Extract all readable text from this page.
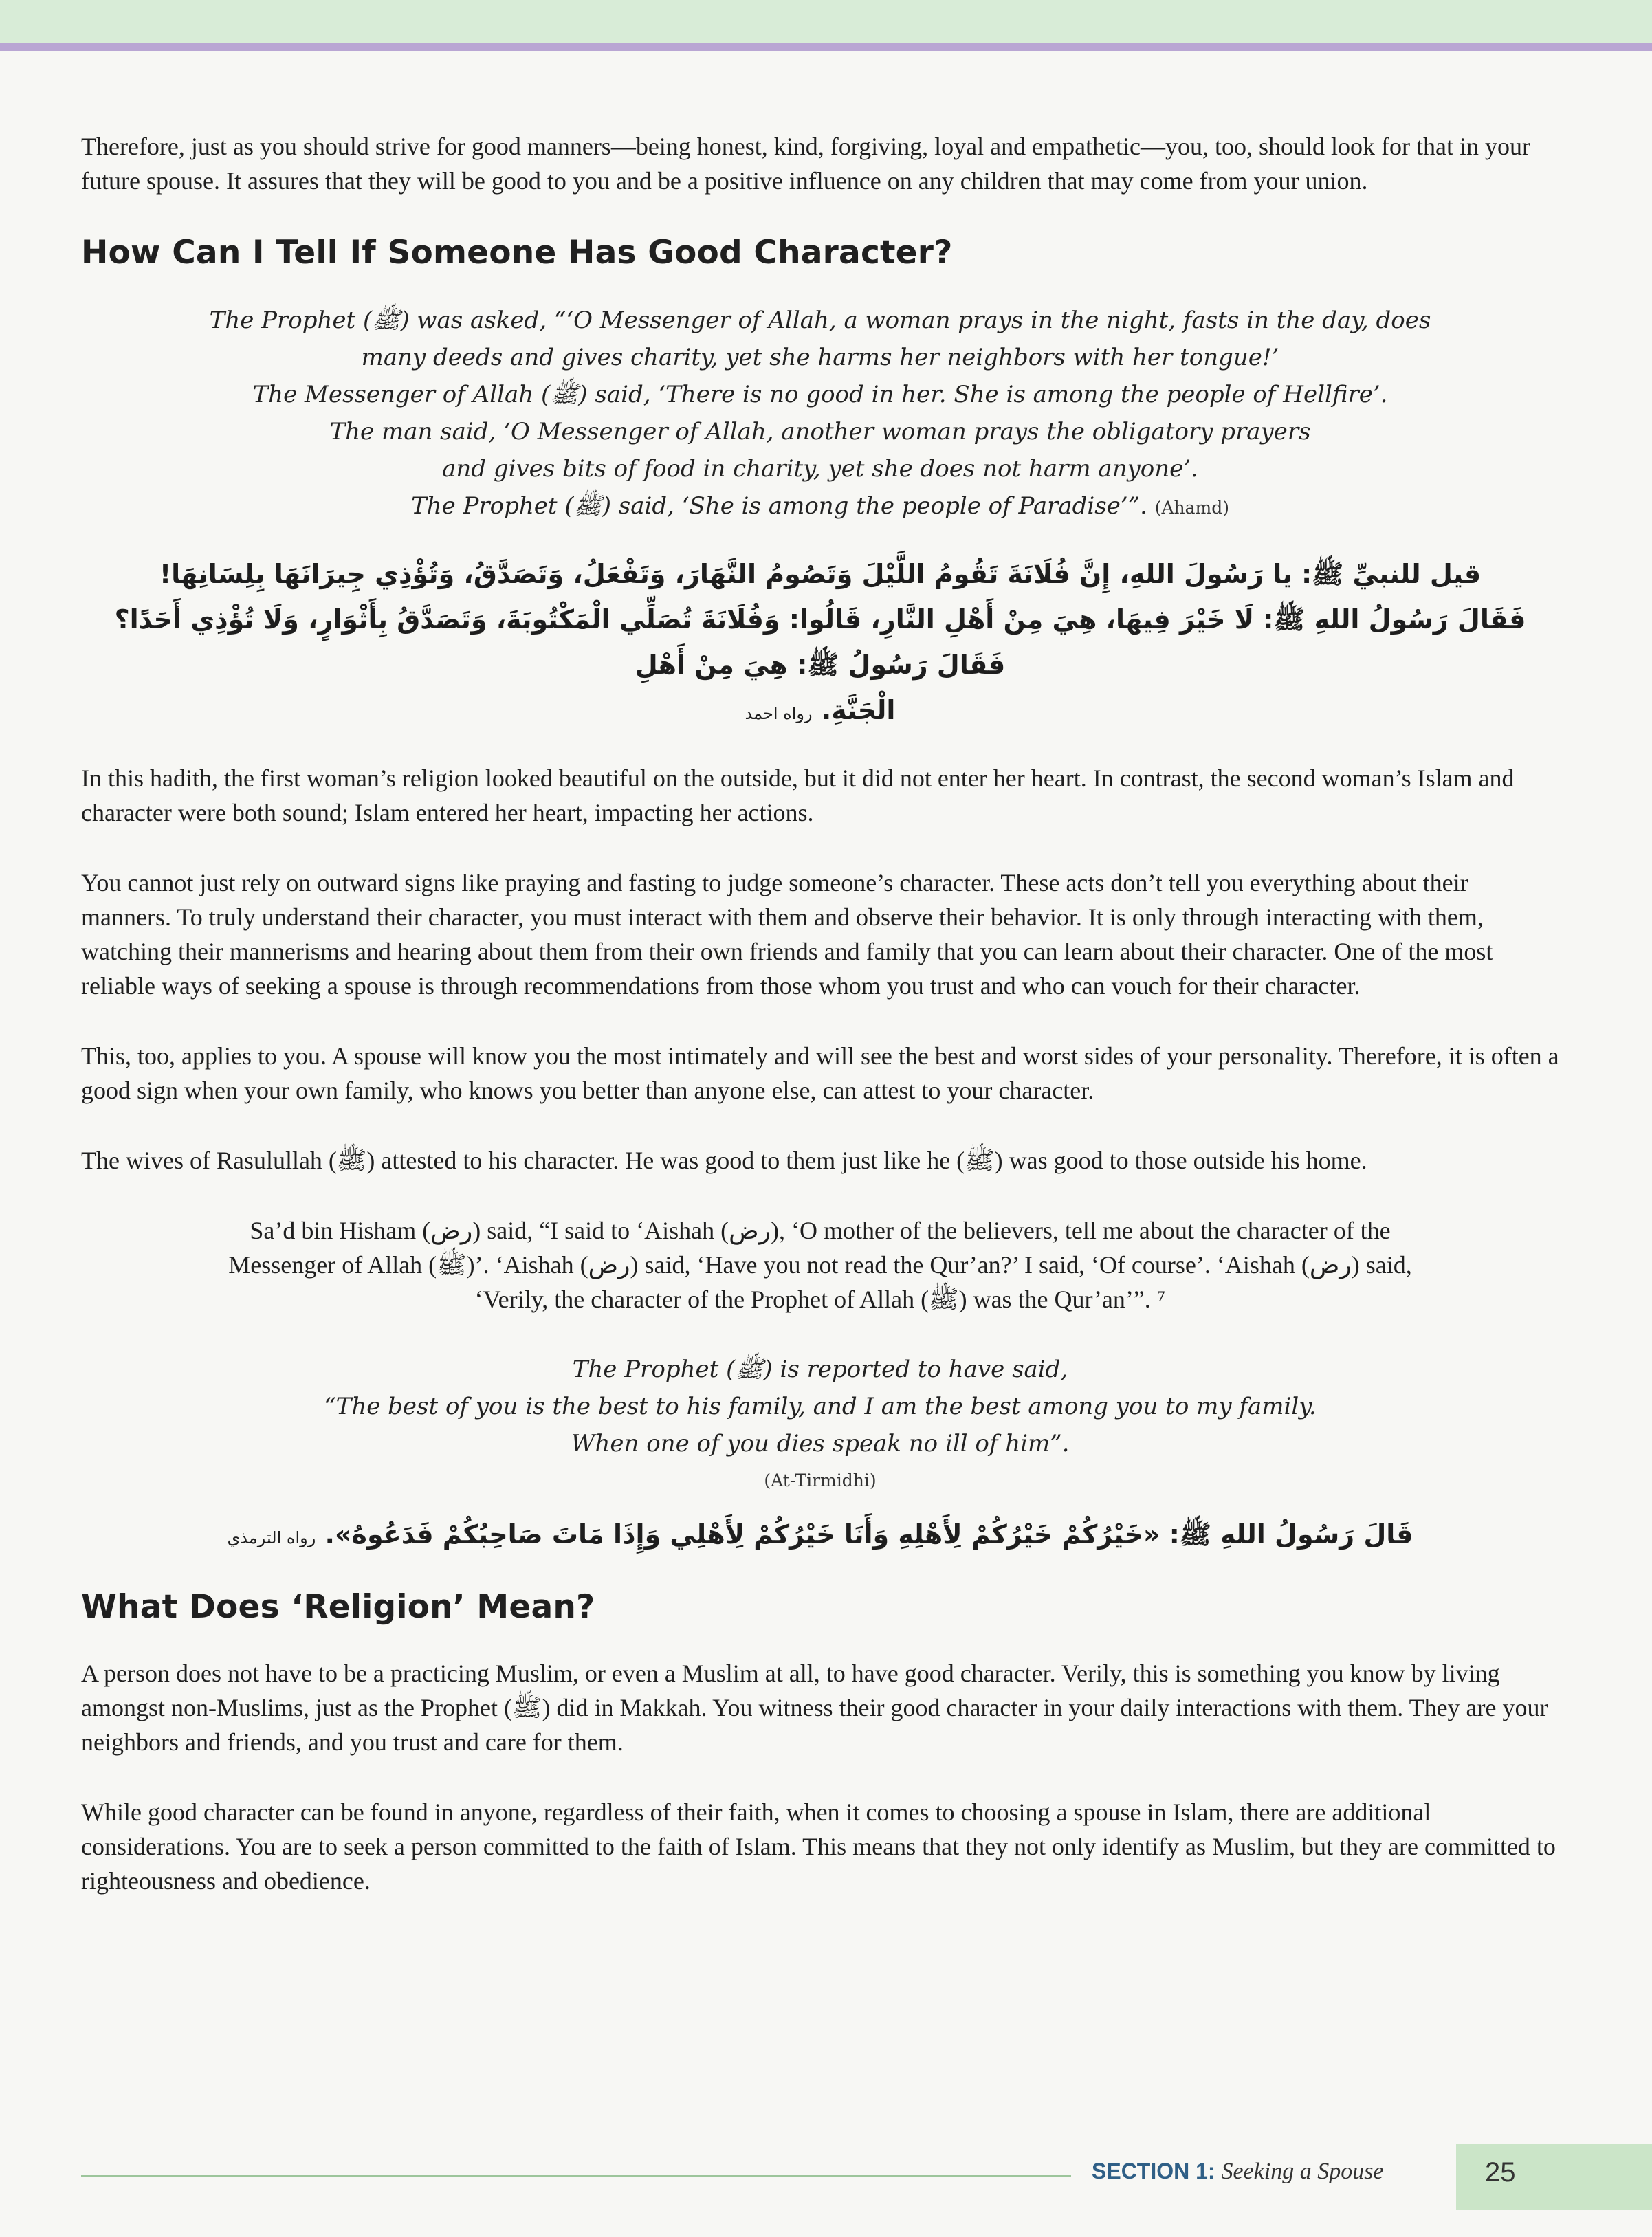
Therefore, just as you should strive for good manners—being honest, kind, forgiving, loyal and empathetic—you, too, should look for that in your future spouse. It assures that they will be good to you and be a positive influence on any children that may come from your union.

How Can I Tell If Someone Has Good Character?
The Prophet (ﷺ) was asked, “‘O Messenger of Allah, a woman prays in the night, fasts in the day, does
many deeds and gives charity, yet she harms her neighbors with her tongue!’
The Messenger of Allah (ﷺ) said, ‘There is no good in her. She is among the people of Hellfire’.
The man said, ‘O Messenger of Allah, another woman prays the obligatory prayers
and gives bits of food in charity, yet she does not harm anyone’.
The Prophet (ﷺ) said, ‘She is among the people of Paradise’”. (Ahamd)
قيل للنبيِّ ﷺ: يا رَسُولَ اللهِ، إِنَّ فُلَانَةَ تَقُومُ اللَّيْلَ وَتَصُومُ النَّهَارَ، وَتَفْعَلُ، وَتَصَدَّقُ، وَتُؤْذِي جِيرَانَهَا بِلِسَانِهَا!
فَقَالَ رَسُولُ اللهِ ﷺ: لَا خَيْرَ فِيهَا، هِيَ مِنْ أَهْلِ النَّارِ، قَالُوا: وَفُلَانَةَ تُصَلِّي الْمَكْتُوبَةَ، وَتَصَدَّقُ بِأَثْوَارٍ، وَلَا تُؤْذِي أَحَدًا؟ فَقَالَ رَسُولُ ﷺ: هِيَ مِنْ أَهْلِ
الْجَنَّةِ. رواه احمد

In this hadith, the first woman’s religion looked beautiful on the outside, but it did not enter her heart. In contrast, the second woman’s Islam and character were both sound; Islam entered her heart, impacting her actions.

You cannot just rely on outward signs like praying and fasting to judge someone’s character. These acts don’t tell you everything about their manners. To truly understand their character, you must interact with them and observe their behavior. It is only through interacting with them, watching their mannerisms and hearing about them from their own friends and family that you can learn about their character. One of the most reliable ways of seeking a spouse is through recommendations from those whom you trust and who can vouch for their character.

This, too, applies to you. A spouse will know you the most intimately and will see the best and worst sides of your personality. Therefore, it is often a good sign when your own family, who knows you better than anyone else, can attest to your character.

The wives of Rasulullah (ﷺ) attested to his character. He was good to them just like he (ﷺ) was good to those outside his home.

Sa’d bin Hisham (رض) said, “I said to ‘Aishah (رض), ‘O mother of the believers, tell me about the character of the
Messenger of Allah (ﷺ)’. ‘Aishah (رض) said, ‘Have you not read the Qur’an?’ I said, ‘Of course’. ‘Aishah (رض) said,
‘Verily, the character of the Prophet of Allah (ﷺ) was the Qur’an’”. ⁷
The Prophet (ﷺ) is reported to have said,
“The best of you is the best to his family, and I am the best among you to my family.
When one of you dies speak no ill of him”.
(At-Tirmidhi)
قَالَ رَسُولُ اللهِ ﷺ: «خَيْرُكُمْ خَيْرُكُمْ لِأَهْلِهِ وَأَنَا خَيْرُكُمْ لِأَهْلِي وَإِذَا مَاتَ صَاحِبُكُمْ فَدَعُوهُ». رواه الترمذي
What Does ‘Religion’ Mean?

A person does not have to be a practicing Muslim, or even a Muslim at all, to have good character. Verily, this is something you know by living amongst non-Muslims, just as the Prophet (ﷺ) did in Makkah. You witness their good character in your daily interactions with them. They are your neighbors and friends, and you trust and care for them.

While good character can be found in anyone, regardless of their faith, when it comes to choosing a spouse in Islam, there are additional considerations. You are to seek a person committed to the faith of Islam. This means that they not only identify as Muslim, but they are committed to righteousness and obedience.

SECTION 1: Seeking a Spouse	25
